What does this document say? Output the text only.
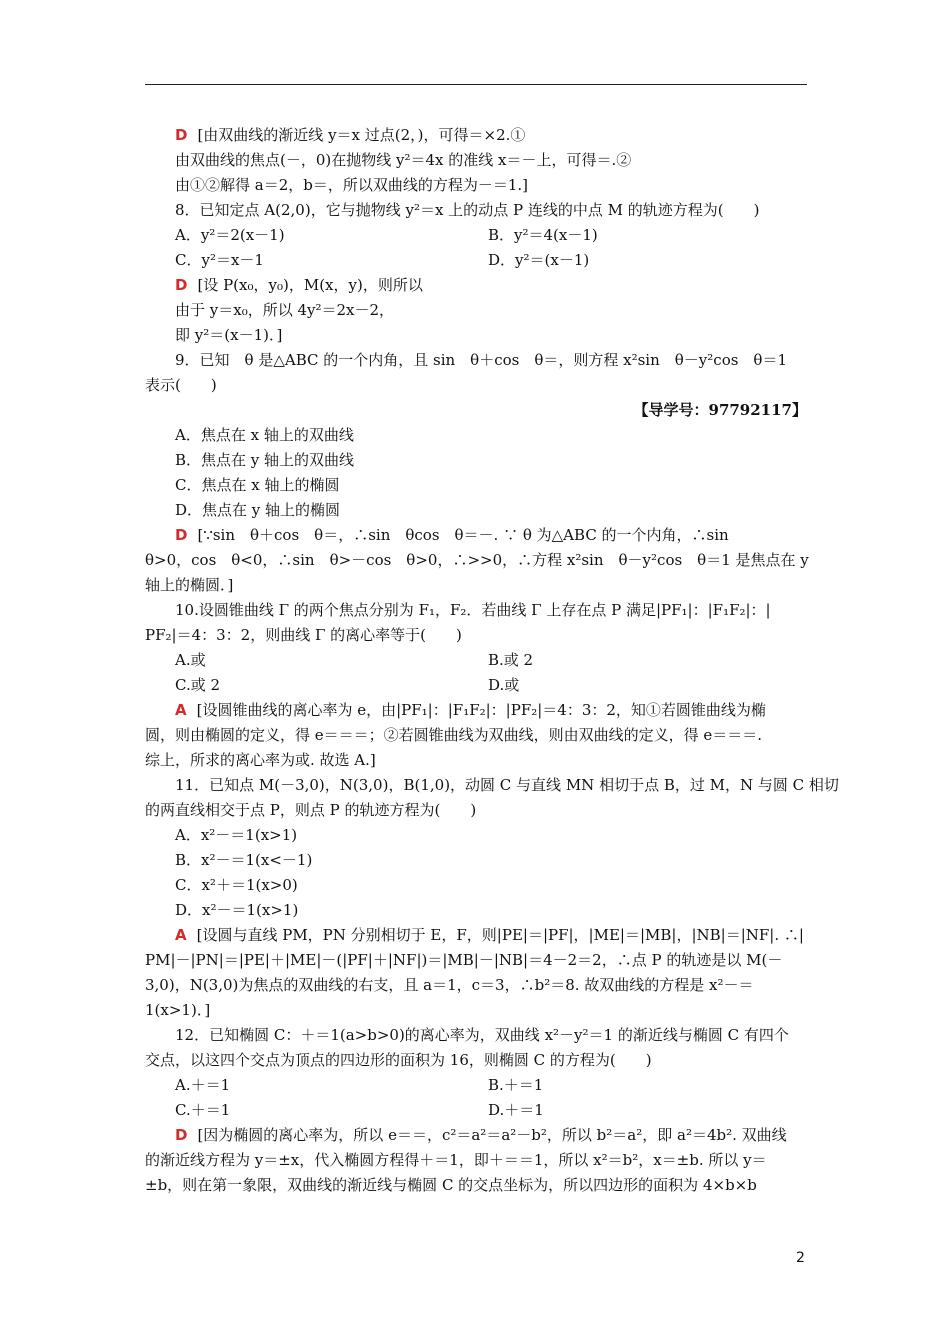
D [由双曲线的渐近线 y＝x 过点(2，)，可得＝×2.①
由双曲线的焦点(－，0)在抛物线 y²＝4x 的准线 x＝－上，可得＝.②
由①②解得 a＝2，b＝，所以双曲线的方程为－＝1.]
8．已知定点 A(2,0)，它与抛物线 y²＝x 上的动点 P 连线的中点 M 的轨迹方程为(　　)
A．y²＝2(x－1)	B．y²＝4(x－1)
C．y²＝x－1	D．y²＝(x－1)
D [设 P(x₀，y₀)，M(x，y)，则所以
由于 y＝x₀，所以 4y²＝2x－2，
即 y²＝(x－1)．]
9．已知　θ 是△ABC 的一个内角，且 sin　θ＋cos　θ＝，则方程 x²sin　θ－y²cos　θ＝1
表示(　　)
【导学号：97792117】
A．焦点在 x 轴上的双曲线
B．焦点在 y 轴上的双曲线
C．焦点在 x 轴上的椭圆
D．焦点在 y 轴上的椭圆
D [∵sin　θ＋cos　θ＝，∴sin　θcos　θ＝－. ∵ θ 为△ABC 的一个内角，∴sin
θ>0，cos　θ<0，∴sin　θ>－cos　θ>0，∴>>0，∴方程 x²sin　θ－y²cos　θ＝1 是焦点在 y
轴上的椭圆．]
10.设圆锥曲线 Γ 的两个焦点分别为 F₁，F₂．若曲线 Γ 上存在点 P 满足|PF₁|：|F₁F₂|：|
PF₂|＝4：3：2，则曲线 Γ 的离心率等于(　　)
A.或	B.或 2
C.或 2	D.或
A [设圆锥曲线的离心率为 e，由|PF₁|：|F₁F₂|：|PF₂|＝4：3：2，知①若圆锥曲线为椭
圆，则由椭圆的定义，得 e＝＝＝；②若圆锥曲线为双曲线，则由双曲线的定义，得 e＝＝＝.
综上，所求的离心率为或. 故选 A.]
11．已知点 M(－3,0)，N(3,0)，B(1,0)，动圆 C 与直线 MN 相切于点 B，过 M，N 与圆 C 相切
的两直线相交于点 P，则点 P 的轨迹方程为(　　)
A．x²－＝1(x>1)
B．x²－＝1(x<－1)
C．x²＋＝1(x>0)
D．x²－＝1(x>1)
A [设圆与直线 PM，PN 分别相切于 E，F，则|PE|＝|PF|，|ME|＝|MB|，|NB|＝|NF|. ∴|
PM|－|PN|＝|PE|＋|ME|－(|PF|＋|NF|)＝|MB|－|NB|＝4－2＝2，∴点 P 的轨迹是以 M(－
3,0)，N(3,0)为焦点的双曲线的右支，且 a＝1，c＝3，∴b²＝8. 故双曲线的方程是 x²－＝
1(x>1)．]
12．已知椭圆 C：＋＝1(a>b>0)的离心率为，双曲线 x²－y²＝1 的渐近线与椭圆 C 有四个
交点，以这四个交点为顶点的四边形的面积为 16，则椭圆 C 的方程为(　　)
A.＋＝1	B.＋＝1
C.＋＝1	D.＋＝1
D [因为椭圆的离心率为，所以 e＝＝，c²＝a²＝a²－b²，所以 b²＝a²，即 a²＝4b². 双曲线
的渐近线方程为 y＝±x，代入椭圆方程得＋＝1，即＋＝＝1，所以 x²＝b²，x＝±b. 所以 y＝
±b，则在第一象限，双曲线的渐近线与椭圆 C 的交点坐标为，所以四边形的面积为 4×b×b
2
